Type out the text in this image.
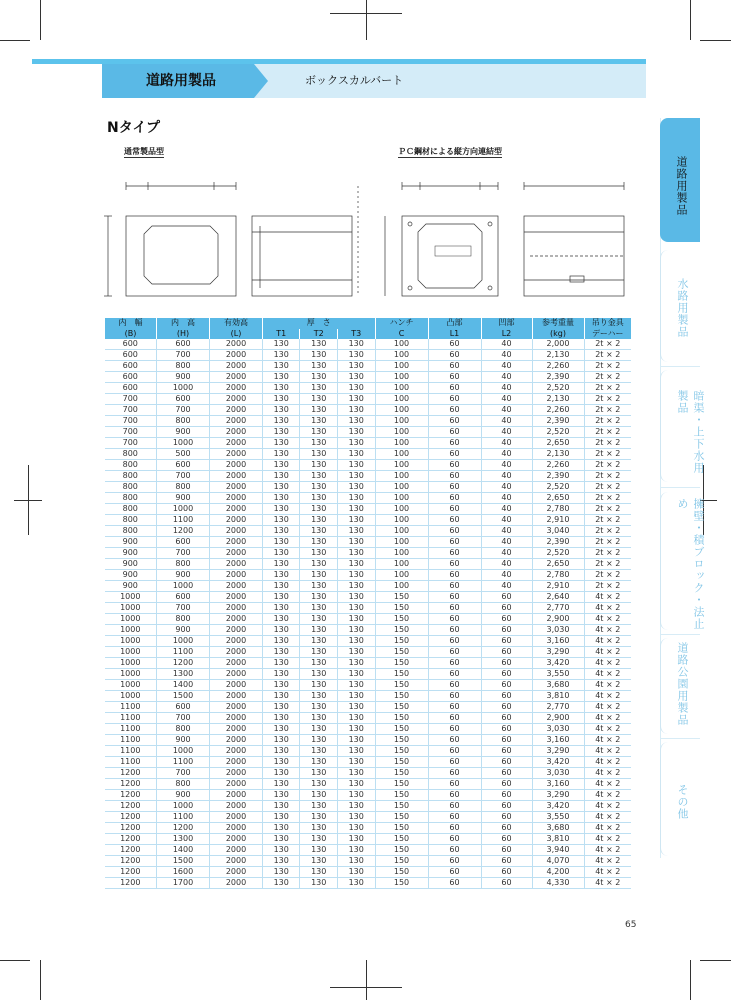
道路用製品	ボックスカルバート
Nタイプ
通常製品型	ＰＣ鋼材による縦方向連結型
内　幅	内　高	有効高	厚　さ			ハンチ	凸部	凹部	参考重量	吊り金具
(B)	(H)	(L)	T1	T2	T3	C	L1	L2	(kg)	デーハー
600	600	2000	130	130	130	100	60	40	2,000	2t × 2
600	700	2000	130	130	130	100	60	40	2,130	2t × 2
600	800	2000	130	130	130	100	60	40	2,260	2t × 2
600	900	2000	130	130	130	100	60	40	2,390	2t × 2
600	1000	2000	130	130	130	100	60	40	2,520	2t × 2
700	600	2000	130	130	130	100	60	40	2,130	2t × 2
700	700	2000	130	130	130	100	60	40	2,260	2t × 2
700	800	2000	130	130	130	100	60	40	2,390	2t × 2
700	900	2000	130	130	130	100	60	40	2,520	2t × 2
700	1000	2000	130	130	130	100	60	40	2,650	2t × 2
800	500	2000	130	130	130	100	60	40	2,130	2t × 2
800	600	2000	130	130	130	100	60	40	2,260	2t × 2
800	700	2000	130	130	130	100	60	40	2,390	2t × 2
800	800	2000	130	130	130	100	60	40	2,520	2t × 2
800	900	2000	130	130	130	100	60	40	2,650	2t × 2
800	1000	2000	130	130	130	100	60	40	2,780	2t × 2
800	1100	2000	130	130	130	100	60	40	2,910	2t × 2
800	1200	2000	130	130	130	100	60	40	3,040	2t × 2
900	600	2000	130	130	130	100	60	40	2,390	2t × 2
900	700	2000	130	130	130	100	60	40	2,520	2t × 2
900	800	2000	130	130	130	100	60	40	2,650	2t × 2
900	900	2000	130	130	130	100	60	40	2,780	2t × 2
900	1000	2000	130	130	130	100	60	40	2,910	2t × 2
1000	600	2000	130	130	130	150	60	60	2,640	4t × 2
1000	700	2000	130	130	130	150	60	60	2,770	4t × 2
1000	800	2000	130	130	130	150	60	60	2,900	4t × 2
1000	900	2000	130	130	130	150	60	60	3,030	4t × 2
1000	1000	2000	130	130	130	150	60	60	3,160	4t × 2
1000	1100	2000	130	130	130	150	60	60	3,290	4t × 2
1000	1200	2000	130	130	130	150	60	60	3,420	4t × 2
1000	1300	2000	130	130	130	150	60	60	3,550	4t × 2
1000	1400	2000	130	130	130	150	60	60	3,680	4t × 2
1000	1500	2000	130	130	130	150	60	60	3,810	4t × 2
1100	600	2000	130	130	130	150	60	60	2,770	4t × 2
1100	700	2000	130	130	130	150	60	60	2,900	4t × 2
1100	800	2000	130	130	130	150	60	60	3,030	4t × 2
1100	900	2000	130	130	130	150	60	60	3,160	4t × 2
1100	1000	2000	130	130	130	150	60	60	3,290	4t × 2
1100	1100	2000	130	130	130	150	60	60	3,420	4t × 2
1200	700	2000	130	130	130	150	60	60	3,030	4t × 2
1200	800	2000	130	130	130	150	60	60	3,160	4t × 2
1200	900	2000	130	130	130	150	60	60	3,290	4t × 2
1200	1000	2000	130	130	130	150	60	60	3,420	4t × 2
1200	1100	2000	130	130	130	150	60	60	3,550	4t × 2
1200	1200	2000	130	130	130	150	60	60	3,680	4t × 2
1200	1300	2000	130	130	130	150	60	60	3,810	4t × 2
1200	1400	2000	130	130	130	150	60	60	3,940	4t × 2
1200	1500	2000	130	130	130	150	60	60	4,070	4t × 2
1200	1600	2000	130	130	130	150	60	60	4,200	4t × 2
1200	1700	2000	130	130	130	150	60	60	4,330	4t × 2
道路用製品
水路用製品
暗渠・上下水用製品
擁壁・積ブロック・法止め
道路公園用製品
その他
65
